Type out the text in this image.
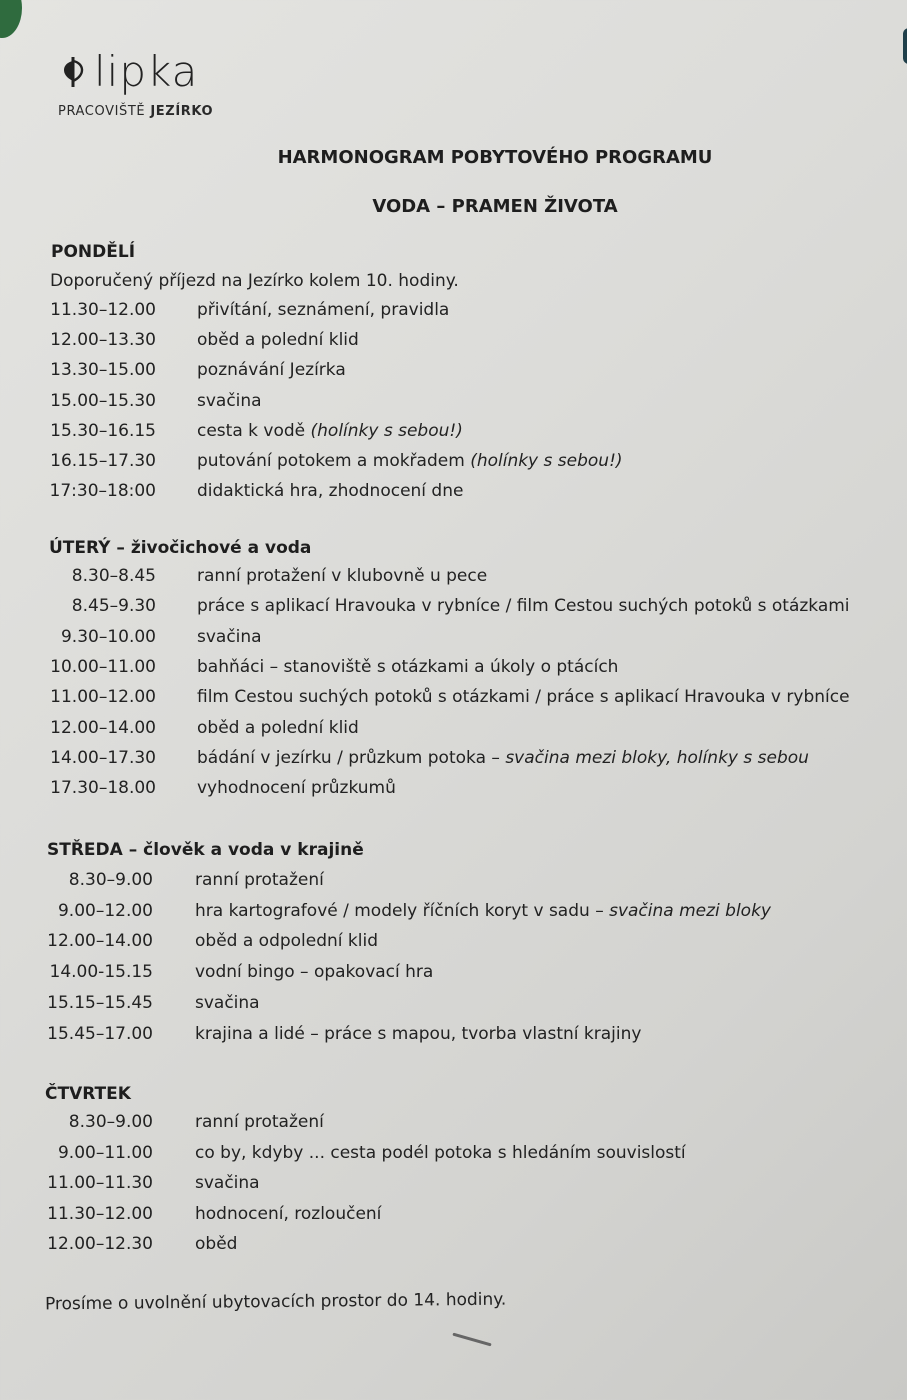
lipka
PRACOVIŠTĚ JEZÍRKO
HARMONOGRAM POBYTOVÉHO PROGRAMU
VODA – PRAMEN ŽIVOTA
PONDĚLÍ
Doporučený příjezd na Jezírko kolem 10. hodiny.
11.30–12.00 přivítání, seznámení, pravidla
12.00–13.30 oběd a polední klid
13.30–15.00 poznávání Jezírka
15.00–15.30 svačina
15.30–16.15 cesta k vodě (holínky s sebou!)
16.15–17.30 putování potokem a mokřadem (holínky s sebou!)
17:30–18:00 didaktická hra, zhodnocení dne
ÚTERÝ – živočichové a voda
8.30–8.45 ranní protažení v klubovně u pece
8.45–9.30 práce s aplikací Hravouka v rybníce / film Cestou suchých potoků s otázkami
9.30–10.00 svačina
10.00–11.00 bahňáci – stanoviště s otázkami a úkoly o ptácích
11.00–12.00 film Cestou suchých potoků s otázkami / práce s aplikací Hravouka v rybníce
12.00–14.00 oběd a polední klid
14.00–17.30 bádání v jezírku / průzkum potoka – svačina mezi bloky, holínky s sebou
17.30–18.00 vyhodnocení průzkumů
STŘEDA – člověk a voda v krajině
8.30–9.00 ranní protažení
9.00–12.00 hra kartografové / modely říčních koryt v sadu – svačina mezi bloky
12.00–14.00 oběd a odpolední klid
14.00-15.15 vodní bingo – opakovací hra
15.15–15.45 svačina
15.45–17.00 krajina a lidé – práce s mapou, tvorba vlastní krajiny
ČTVRTEK
8.30–9.00 ranní protažení
9.00–11.00 co by, kdyby ... cesta podél potoka s hledáním souvislostí
11.00–11.30 svačina
11.30–12.00 hodnocení, rozloučení
12.00–12.30 oběd
Prosíme o uvolnění ubytovacích prostor do 14. hodiny.
